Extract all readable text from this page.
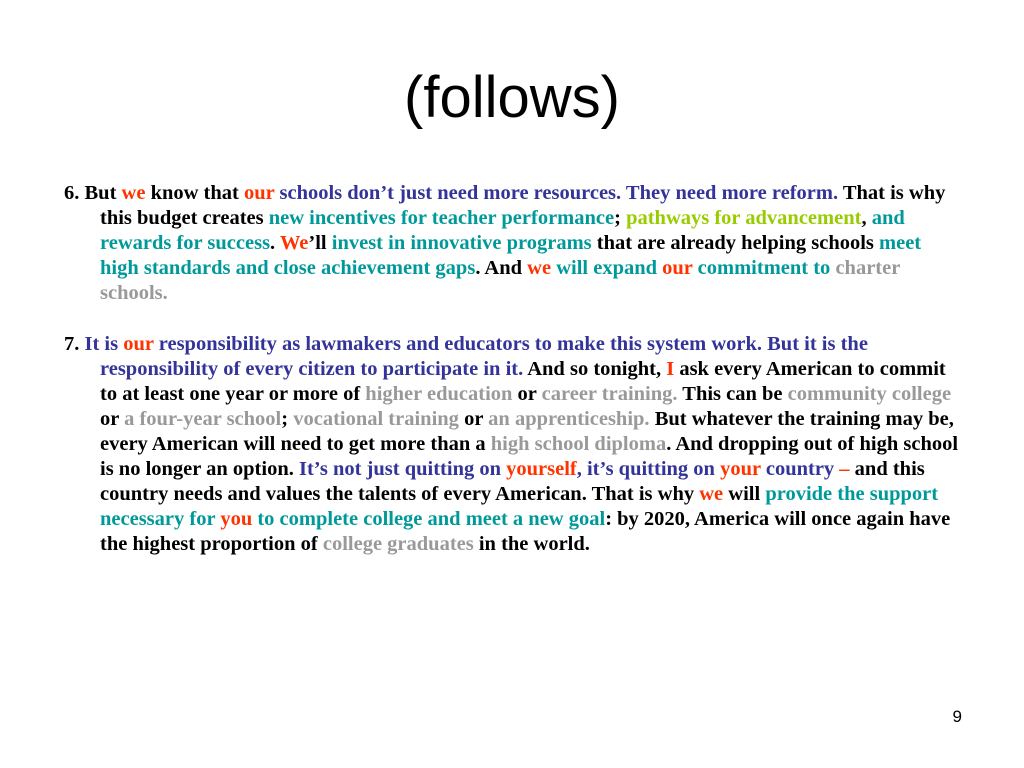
(follows)

6. But we know that our schools don’t just need more resources. They need more reform. That is why this budget creates new incentives for teacher performance; pathways for advancement, and rewards for success. We’ll invest in innovative programs that are already helping schools meet high standards and close achievement gaps. And we will expand our commitment to charter schools.

7. It is our responsibility as lawmakers and educators to make this system work. But it is the responsibility of every citizen to participate in it. And so tonight, I ask every American to commit to at least one year or more of higher education or career training. This can be community college or a four-year school; vocational training or an apprenticeship. But whatever the training may be, every American will need to get more than a high school diploma. And dropping out of high school is no longer an option. It’s not just quitting on yourself, it’s quitting on your country – and this country needs and values the talents of every American. That is why we will provide the support necessary for you to complete college and meet a new goal: by 2020, America will once again have the highest proportion of college graduates in the world.

9
